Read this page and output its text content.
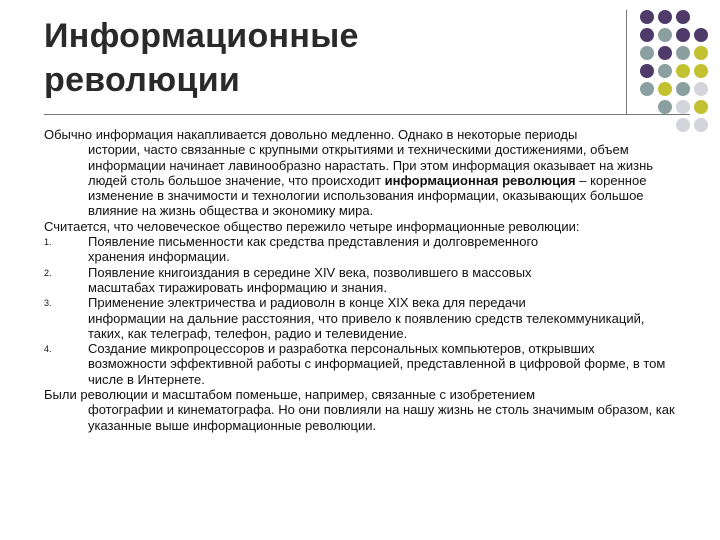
Информационные
революции

Обычно информация накапливается довольно медленно. Однако в некоторые периоды
истории, часто связанные с крупными открытиями и техническими достижениями, объем информации начинает лавинообразно нарастать. При этом информация оказывает на жизнь людей столь большое значение, что происходит информационная революция – коренное изменение в значимости и технологии использования информации, оказывающих большое влияние на жизнь общества и экономику мира.

Считается, что человеческое общество пережило четыре информационные революции:

1.	Появление письменности как средства представления и долговременного
хранения информации.
2.	Появление книгоиздания в середине XIV века, позволившего в массовых
масштабах тиражировать информацию и знания.
3.	Применение электричества и радиоволн в конце XIX века для передачи
информации на дальние расстояния, что привело к появлению средств телекоммуникаций, таких, как телеграф, телефон, радио и телевидение.
4.	Создание микропроцессоров и разработка персональных компьютеров, открывших
возможности эффективной работы с информацией, представленной в цифровой форме, в том числе в Интернете.

Были революции и масштабом поменьше, например, связанные с изобретением
фотографии и кинематографа. Но они повлияли на нашу жизнь не столь значимым образом, как указанные выше информационные революции.
